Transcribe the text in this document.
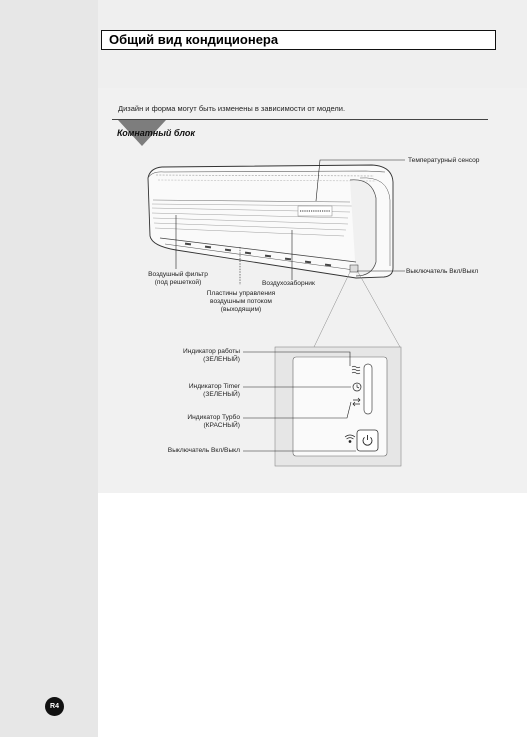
Общий вид кондиционера
Дизайн и форма могут быть изменены в зависимости от модели.
Комнатный блок
Температурный сенсор
Выключатель Вкл/Выкл
Воздушный фильтр
(под решеткой)	Воздухозаборник
Пластины управления
воздушным потоком
(выходящим)
Индикатор работы
(ЗЕЛЕНЫЙ)
Индикатор Timer
(ЗЕЛЕНЫЙ)
Индикатор Турбо
(КРАСНЫЙ)
Выключатель Вкл/Выкл
R4
